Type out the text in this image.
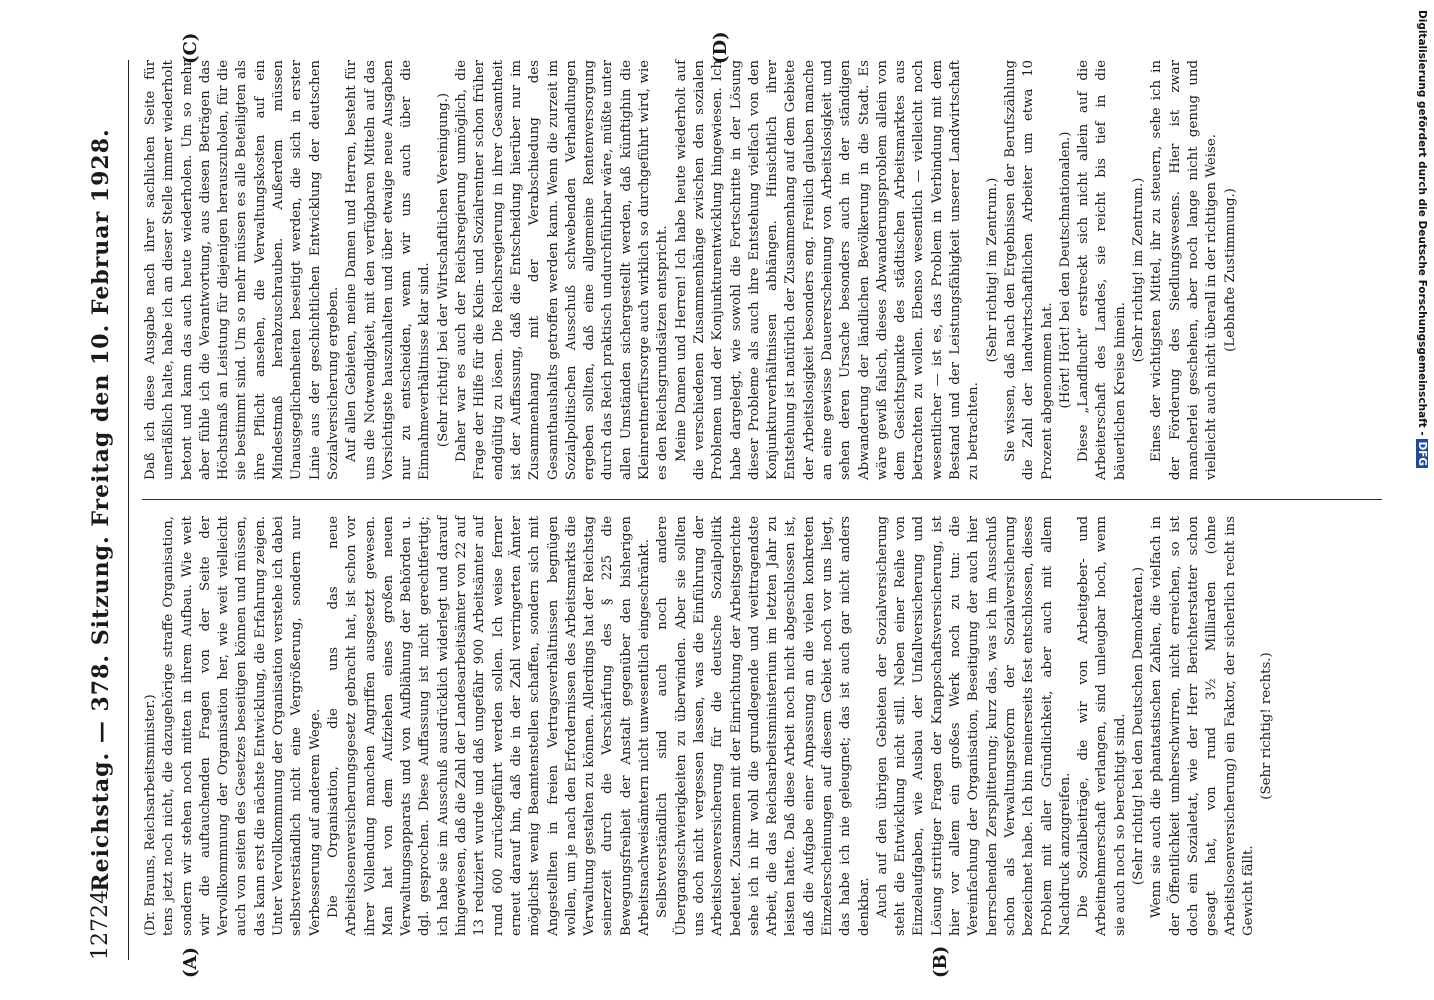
12724
Reichstag. — 378. Sitzung. Freitag den 10. Februar 1928.
(A)	(B)
(C)	(D)

(Dr. Brauns, Reichsarbeitsminister.) tens jetzt noch nicht, die dazugehörige straffe Organisation, sondern wir stehen noch mitten in ihrem Aufbau. Wie weit wir die auftauchenden Fragen von der Seite der Vervollkommnung der Organisation her, wie weit vielleicht auch von seiten des Gesetzes beseitigen können und müssen, das kann erst die nächste Entwicklung, die Erfahrung zeigen. Unter Vervollkommnung der Organisation verstehe ich dabei selbstverständlich nicht eine Vergrößerung, sondern nur Verbesserung auf anderem Wege. Die Organisation, die uns das neue Arbeitslosenversicherungsgesetz gebracht hat, ist schon vor ihrer Vollendung manchen Angriffen ausgesetzt gewesen. Man hat von dem Aufziehen eines großen neuen Verwaltungsapparats und von Aufblähung der Behörden u. dgl. gesprochen. Diese Auffassung ist nicht gerechtfertigt; ich habe sie im Ausschuß ausdrücklich widerlegt und darauf hingewiesen, daß die Zahl der Landesarbeitsämter von 22 auf 13 reduziert wurde und daß ungefähr 900 Arbeitsämter auf rund 600 zurückgeführt werden sollen. Ich weise ferner erneut darauf hin, daß die in der Zahl verringerten Ämter möglichst wenig Beamtenstellen schaffen, sondern sich mit Angestellten in freien Vertragsverhältnissen begnügen wollen, um je nach den Erfordernissen des Arbeitsmarkts die Verwaltung gestalten zu können. Allerdings hat der Reichstag seinerzeit durch die Verschärfung des § 225 die Bewegungsfreiheit der Anstalt gegenüber den bisherigen Arbeitsnachweisämtern nicht unwesentlich eingeschränkt. Selbstverständlich sind auch noch andere Übergangsschwierigkeiten zu überwinden. Aber sie sollten uns doch nicht vergessen lassen, was die Einführung der Arbeitslosenversicherung für die deutsche Sozialpolitik bedeutet. Zusammen mit der Einrichtung der Arbeitsgerichte sehe ich in ihr wohl die grundlegende und weittragendste Arbeit, die das Reichsarbeitsministerium im letzten Jahr zu leisten hatte. Daß diese Arbeit noch nicht abgeschlossen ist, daß die Aufgabe einer Anpassung an die vielen konkreten Einzelerscheinungen auf diesem Gebiet noch vor uns liegt, das habe ich nie geleugnet; das ist auch gar nicht anders denkbar. Auch auf den übrigen Gebieten der Sozialversicherung steht die Entwicklung nicht still. Neben einer Reihe von Einzelaufgaben, wie Ausbau der Unfallversicherung und Lösung strittiger Fragen der Knappschaftsversicherung, ist hier vor allem ein großes Werk noch zu tun: die Vereinfachung der Organisation, Beseitigung der auch hier herrschenden Zersplitterung; kurz das, was ich im Ausschuß schon als Verwaltungsreform der Sozialversicherung bezeichnet habe. Ich bin meinerseits fest entschlossen, dieses Problem mit aller Gründlichkeit, aber auch mit allem Nachdruck anzugreifen. Die Sozialbeiträge, die wir von Arbeitgeber- und Arbeitnehmerschaft verlangen, sind unleugbar hoch, wenn sie auch noch so berechtigt sind. (Sehr richtig! bei den Deutschen Demokraten.) Wenn sie auch die phantastischen Zahlen, die vielfach in der Öffentlichkeit umherschwirren, nicht erreichen, so ist doch ein Sozialetat, wie der Herr Berichterstatter schon gesagt hat, von rund 3½ Milliarden (ohne Arbeitslosenversicherung) ein Faktor, der sicherlich recht ins Gewicht fällt.

(Sehr richtig! rechts.)

Daß ich diese Ausgabe nach ihrer sachlichen Seite für unerläßlich halte, habe ich an dieser Stelle immer wiederholt betont und kann das auch heute wiederholen. Um so mehr aber fühle ich die Verantwortung, aus diesen Beträgen das Höchstmaß an Leistung für diejenigen herauszuholen, für die sie bestimmt sind. Um so mehr müssen es alle Beteiligten als ihre Pflicht ansehen, die Verwaltungskosten auf ein Mindestmaß herabzuschrauben. Außerdem müssen Unausgeglichenheiten beseitigt werden, die sich in erster Linie aus der geschichtlichen Entwicklung der deutschen Sozialversicherung ergeben. Auf allen Gebieten, meine Damen und Herren, besteht für uns die Notwendigkeit, mit den verfügbaren Mitteln auf das Vorsichtigste hauszuhalten und über etwaige neue Ausgaben nur zu entscheiden, wenn wir uns auch über die Einnahmeverhältnisse klar sind. (Sehr richtig! bei der Wirtschaftlichen Vereinigung.) Daher war es auch der Reichsregierung unmöglich, die Frage der Hilfe für die Klein- und Sozialrentner schon früher endgültig zu lösen. Die Reichsregierung in ihrer Gesamtheit ist der Auffassung, daß die Entscheidung hierüber nur im Zusammenhang mit der Verabschiedung des Gesamthaushalts getroffen werden kann. Wenn die zurzeit im Sozialpolitischen Ausschuß schwebenden Verhandlungen ergeben sollten, daß eine allgemeine Rentenversorgung durch das Reich praktisch undurchführbar wäre, müßte unter allen Umständen sichergestellt werden, daß künftighin die Kleinrentnerfürsorge auch wirklich so durchgeführt wird, wie es den Reichsgrundsätzen entspricht. Meine Damen und Herren! Ich habe heute wiederholt auf die verschiedenen Zusammenhänge zwischen den sozialen Problemen und der Konjunkturentwicklung hingewiesen. Ich habe dargelegt, wie sowohl die Fortschritte in der Lösung dieser Probleme als auch ihre Entstehung vielfach von den Konjunkturverhältnissen abhängen. Hinsichtlich ihrer Entstehung ist natürlich der Zusammenhang auf dem Gebiete der Arbeitslosigkeit besonders eng. Freilich glauben manche an eine gewisse Dauererscheinung von Arbeitslosigkeit und sehen deren Ursache besonders auch in der ständigen Abwanderung der ländlichen Bevölkerung in die Stadt. Es wäre gewiß falsch, dieses Abwanderungsproblem allein von dem Gesichtspunkte des städtischen Arbeitsmarktes aus betrachten zu wollen. Ebenso wesentlich — vielleicht noch wesentlicher — ist es, das Problem in Verbindung mit dem Bestand und der Leistungsfähigkeit unserer Landwirtschaft zu betrachten.

(Sehr richtig! im Zentrum.) Sie wissen, daß nach den Ergebnissen der Berufszählung die Zahl der landwirtschaftlichen Arbeiter um etwa 10 Prozent abgenommen hat. (Hört! Hört! bei den Deutschnationalen.) Diese „Landflucht“ erstreckt sich nicht allein auf die Arbeiterschaft des Landes, sie reicht bis tief in die bäuerlichen Kreise hinein.

(Sehr richtig! im Zentrum.) Eines der wichtigsten Mittel, ihr zu steuern, sehe ich in der Förderung des Siedlungswesens. Hier ist zwar mancherlei geschehen, aber noch lange nicht genug und vielleicht auch nicht überall in der richtigen Weise. (Lebhafte Zustimmung.)	Digitalisierung gefördert durch die Deutsche Forschungsgemeinschaft - DFG
